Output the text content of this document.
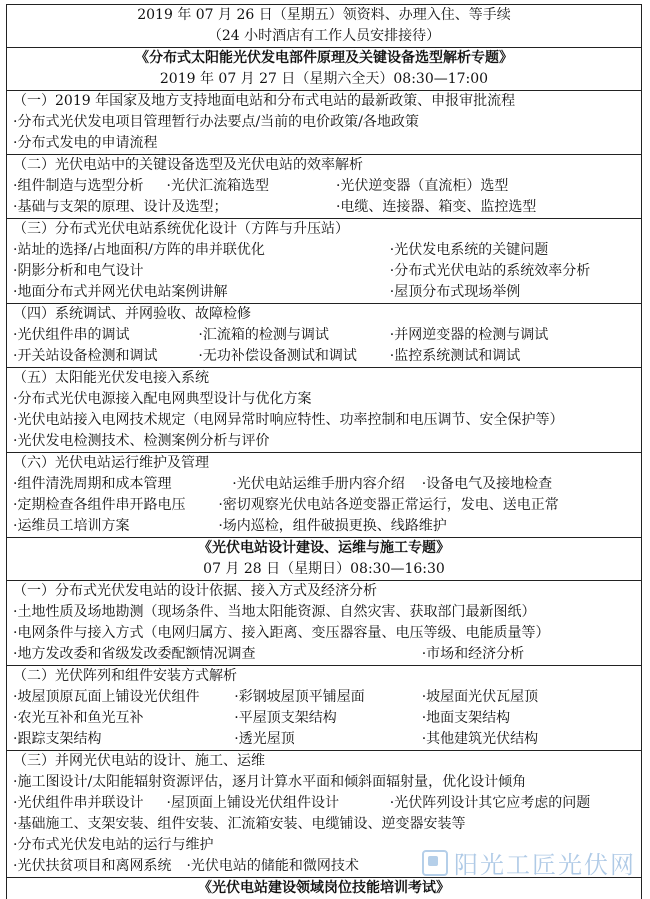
2019 年 07 月 26 日（星期五）领资料、办理入住、等手续
（24 小时酒店有工作人员安排接待）
《分布式太阳能光伏发电部件原理及关键设备选型解析专题》
2019 年 07 月 27 日（星期六全天）08:30—17:00
（一）2019 年国家及地方支持地面电站和分布式电站的最新政策、申报审批流程
·分布式光伏发电项目管理暂行办法要点/当前的电价政策/各地政策
·分布式发电的申请流程
（二）光伏电站中的关键设备选型及光伏电站的效率解析
·组件制造与选型分析	·光伏汇流箱选型	·光伏逆变器（直流柜）选型
·基础与支架的原理、设计及选型；	·电缆、连接器、箱变、监控选型
（三）分布式光伏电站系统优化设计（方阵与升压站）
·站址的选择/占地面积/方阵的串并联优化	·光伏发电系统的关键问题
·阴影分析和电气设计	·分布式光伏电站的系统效率分析
·地面分布式并网光伏电站案例讲解	·屋顶分布式现场举例
（四）系统调试、并网验收、故障检修
·光伏组件串的调试	·汇流箱的检测与调试	·并网逆变器的检测与调试
·开关站设备检测和调试	·无功补偿设备测试和调试	·监控系统测试和调试
（五）太阳能光伏发电接入系统
·分布式光伏电源接入配电网典型设计与优化方案
·光伏电站接入电网技术规定（电网异常时响应特性、功率控制和电压调节、安全保护等）
·光伏发电检测技术、检测案例分析与评价
（六）光伏电站运行维护及管理
·组件清洗周期和成本管理	·光伏电站运维手册内容介绍	·设备电气及接地检查
·定期检查各组件串开路电压	·密切观察光伏电站各逆变器正常运行，发电、送电正常
·运维员工培训方案	·场内巡检，组件破损更换、线路维护
《光伏电站设计建设、运维与施工专题》
07 月 28 日（星期日）08:30—16:30
（一）分布式光伏发电站的设计依据、接入方式及经济分析
·土地性质及场地勘测（现场条件、当地太阳能资源、自然灾害、获取部门最新图纸）
·电网条件与接入方式（电网归属方、接入距离、变压器容量、电压等级、电能质量等）
·地方发改委和省级发改委配额情况调查	·市场和经济分析
（二）光伏阵列和组件安装方式解析
·坡屋顶原瓦面上铺设光伏组件	·彩钢坡屋顶平铺屋面	·坡屋面光伏瓦屋顶
·农光互补和鱼光互补	·平屋顶支架结构	·地面支架结构
·跟踪支架结构	·透光屋顶	·其他建筑光伏结构
（三）并网光伏电站的设计、施工、运维
·施工图设计/太阳能辐射资源评估，逐月计算水平面和倾斜面辐射量，优化设计倾角
·光伏组件串并联设计	·屋顶面上铺设光伏组件设计	·光伏阵列设计其它应考虑的问题
·基础施工、支架安装、组件安装、汇流箱安装、电缆铺设、逆变器安装等
·分布式光伏发电站的运行与维护
·光伏扶贫项目和离网系统	·光伏电站的储能和微网技术
《光伏电站建设领域岗位技能培训考试》
阳光工匠光伏网
